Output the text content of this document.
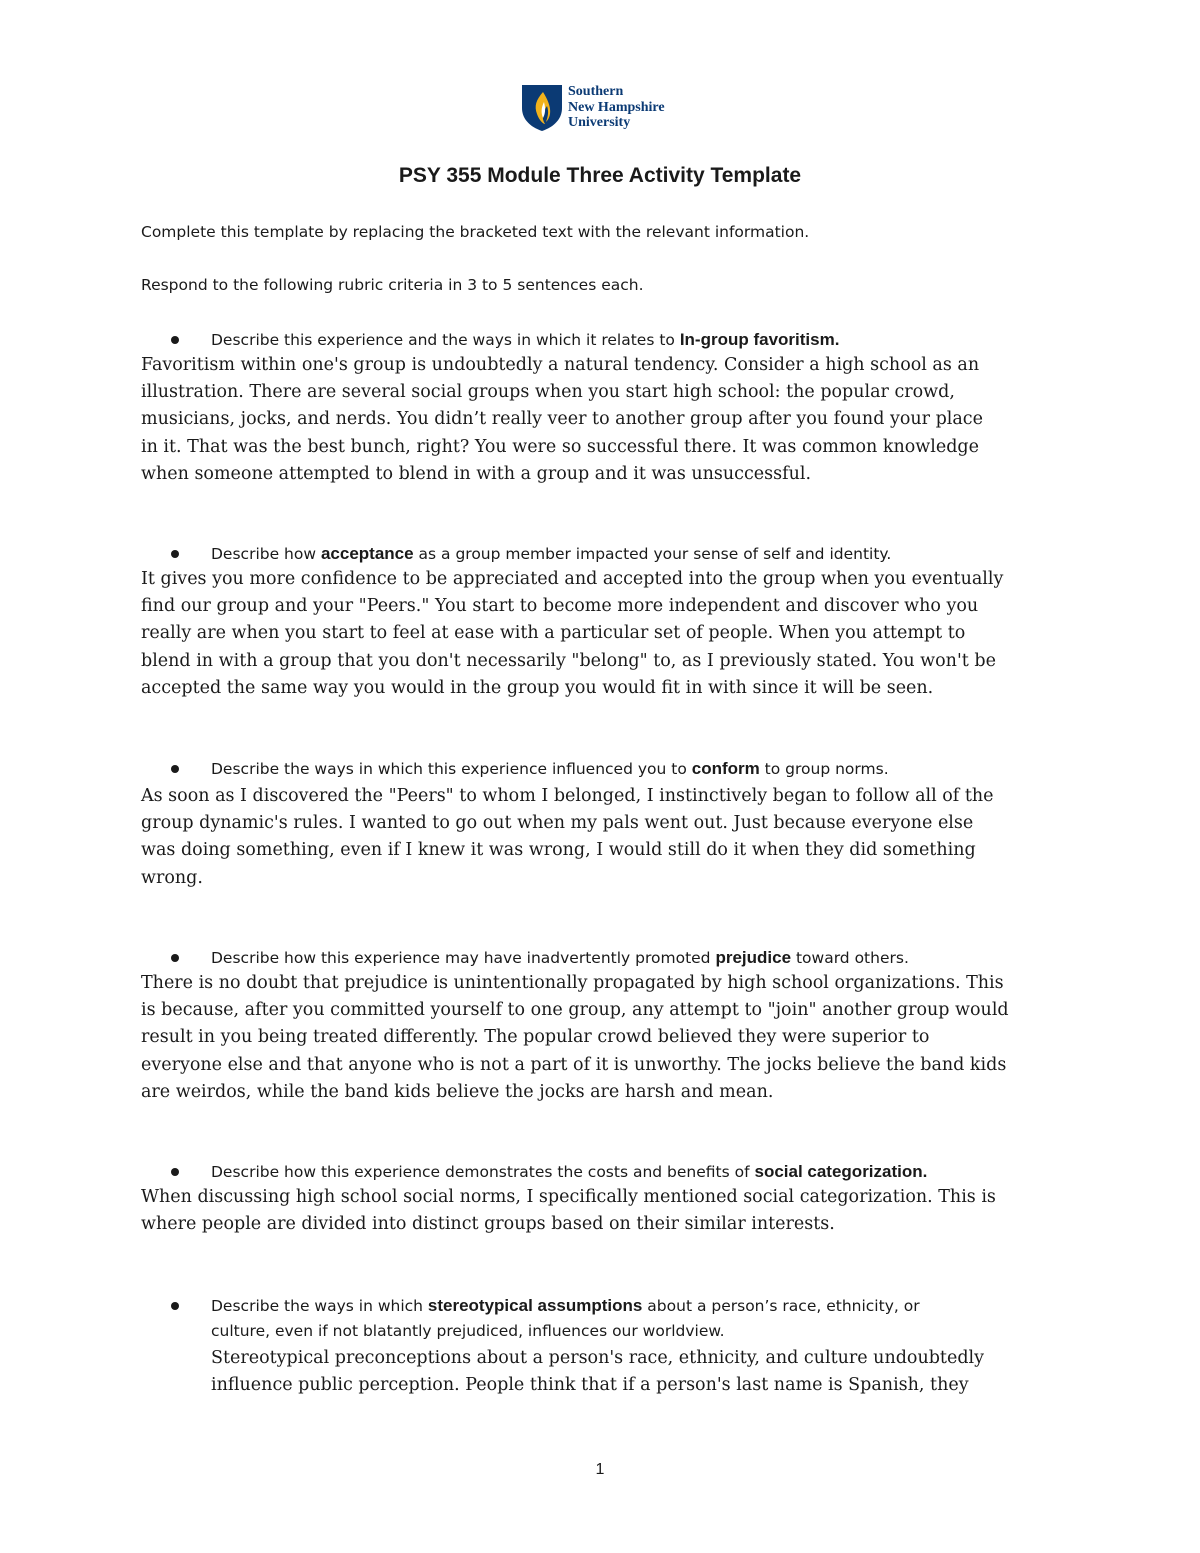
Southern
New Hampshire
University
PSY 355 Module Three Activity Template
Complete this template by replacing the bracketed text with the relevant information.
Respond to the following rubric criteria in 3 to 5 sentences each.
Describe this experience and the ways in which it relates to In-group favoritism.
Favoritism within one's group is undoubtedly a natural tendency. Consider a high school as an
illustration. There are several social groups when you start high school: the popular crowd,
musicians, jocks, and nerds. You didn’t really veer to another group after you found your place
in it. That was the best bunch, right? You were so successful there. It was common knowledge
when someone attempted to blend in with a group and it was unsuccessful.
Describe how acceptance as a group member impacted your sense of self and identity.
It gives you more confidence to be appreciated and accepted into the group when you eventually
find our group and your "Peers." You start to become more independent and discover who you
really are when you start to feel at ease with a particular set of people. When you attempt to
blend in with a group that you don't necessarily "belong" to, as I previously stated. You won't be
accepted the same way you would in the group you would fit in with since it will be seen.
Describe the ways in which this experience influenced you to conform to group norms.
As soon as I discovered the "Peers" to whom I belonged, I instinctively began to follow all of the
group dynamic's rules. I wanted to go out when my pals went out. Just because everyone else
was doing something, even if I knew it was wrong, I would still do it when they did something
wrong.
Describe how this experience may have inadvertently promoted prejudice toward others.
There is no doubt that prejudice is unintentionally propagated by high school organizations. This
is because, after you committed yourself to one group, any attempt to "join" another group would
result in you being treated differently. The popular crowd believed they were superior to
everyone else and that anyone who is not a part of it is unworthy. The jocks believe the band kids
are weirdos, while the band kids believe the jocks are harsh and mean.
Describe how this experience demonstrates the costs and benefits of social categorization.
When discussing high school social norms, I specifically mentioned social categorization. This is
where people are divided into distinct groups based on their similar interests.
Describe the ways in which stereotypical assumptions about a person’s race, ethnicity, or
culture, even if not blatantly prejudiced, influences our worldview.
Stereotypical preconceptions about a person's race, ethnicity, and culture undoubtedly
influence public perception. People think that if a person's last name is Spanish, they
1
